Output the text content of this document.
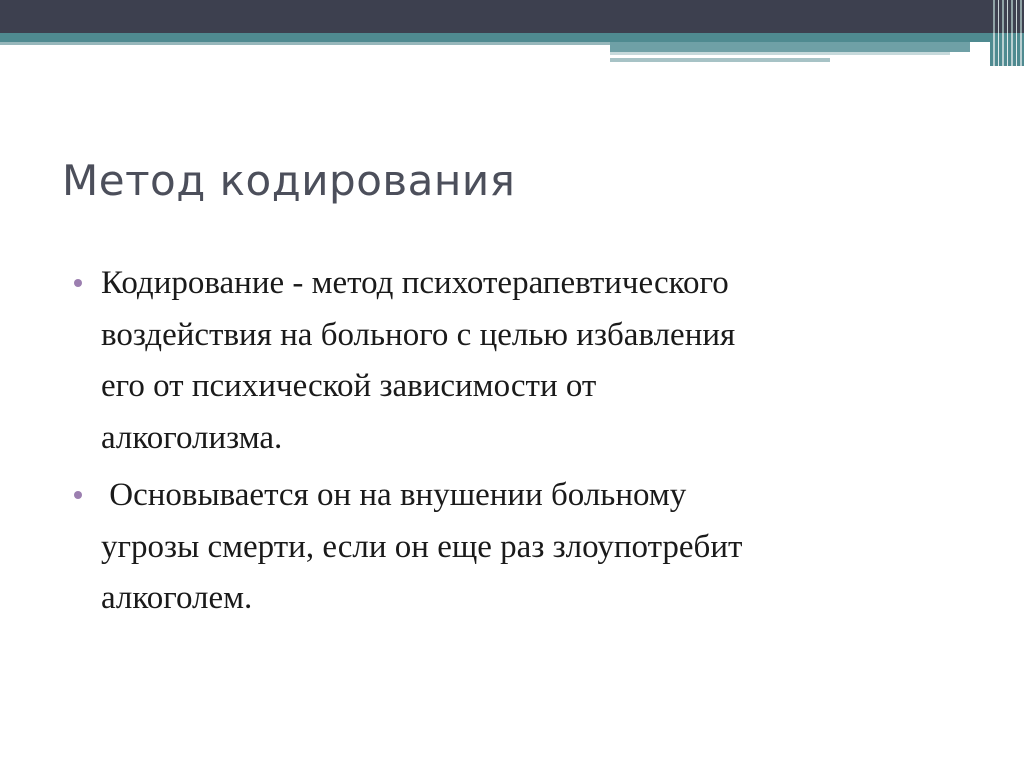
Метод кодирования
Кодирование - метод психотерапевтического
воздействия на больного с целью избавления
его от психической зависимости от
алкоголизма.
Основывается он на внушении больному
угрозы смерти, если он еще раз злоупотребит
алкоголем.
